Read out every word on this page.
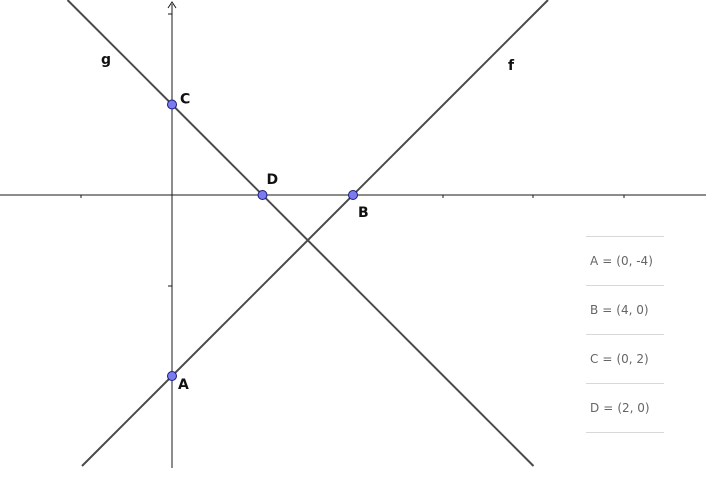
f
g
A
B
C
D
A = (0, -4)
B = (4, 0)
C = (0, 2)
D = (2, 0)
